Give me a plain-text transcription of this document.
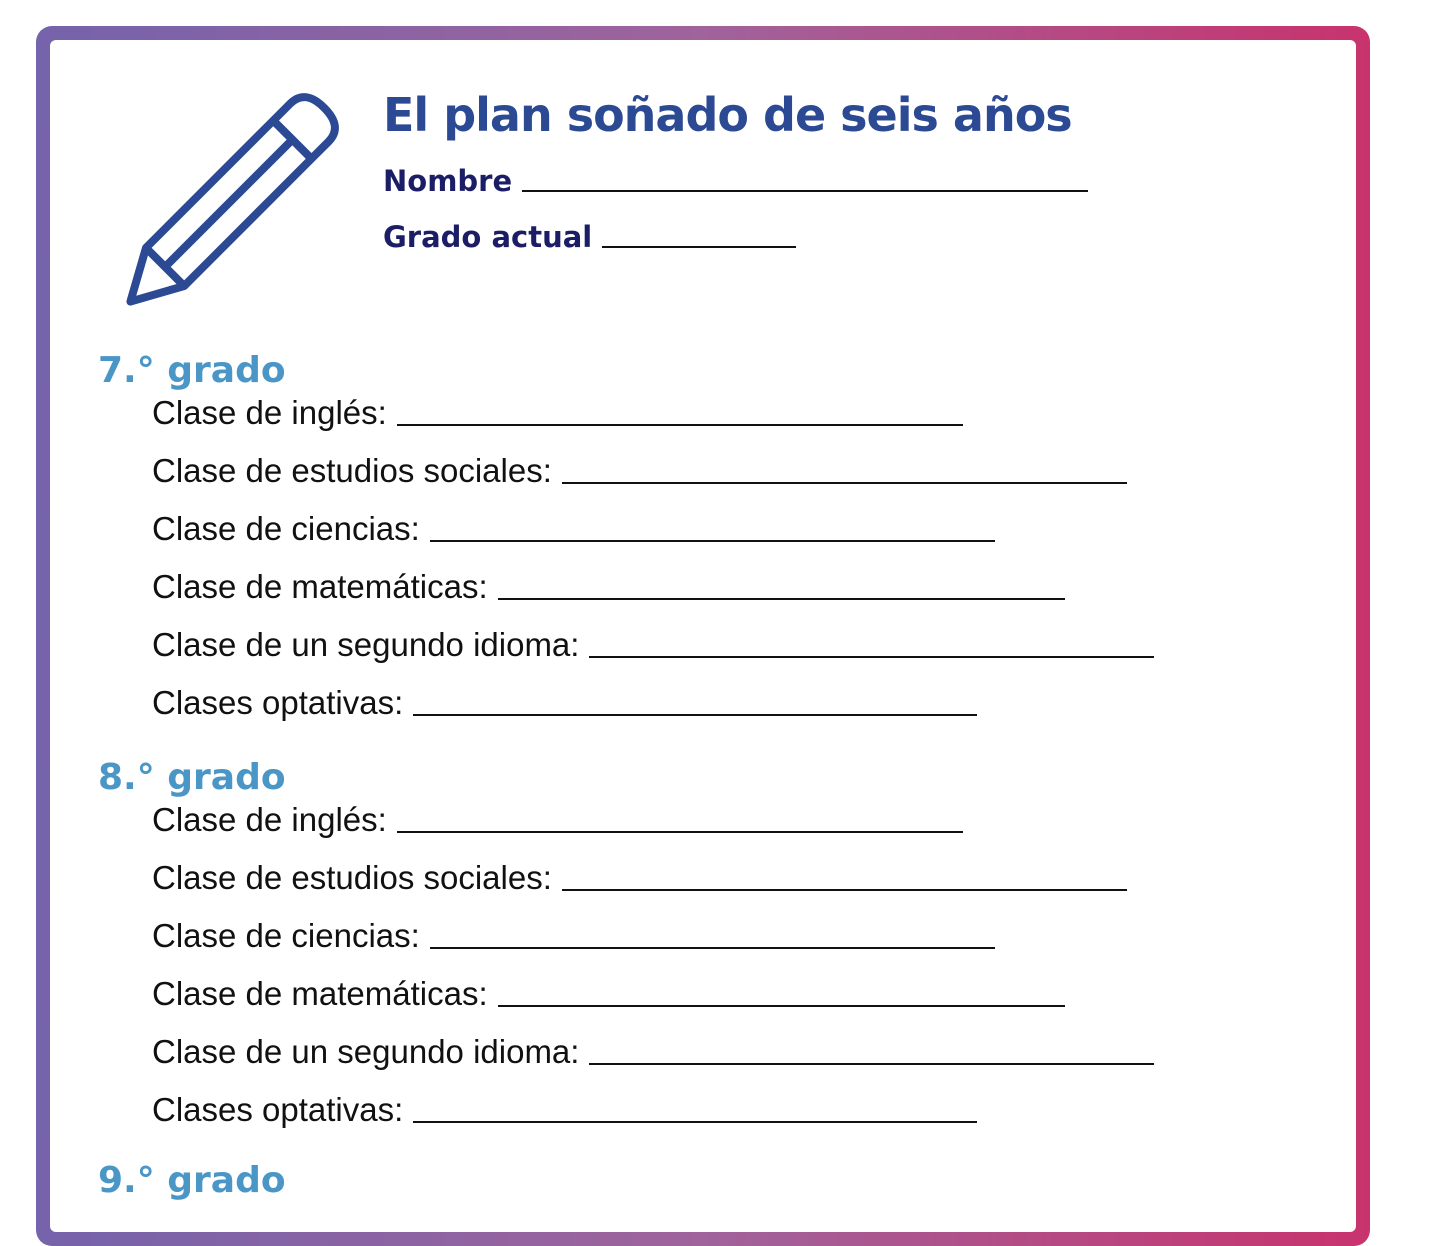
El plan soñado de seis años
Nombre
Grado actual
7.° grado
Clase de inglés:
Clase de estudios sociales:
Clase de ciencias:
Clase de matemáticas:
Clase de un segundo idioma:
Clases optativas:
8.° grado
Clase de inglés:
Clase de estudios sociales:
Clase de ciencias:
Clase de matemáticas:
Clase de un segundo idioma:
Clases optativas:
9.° grado
